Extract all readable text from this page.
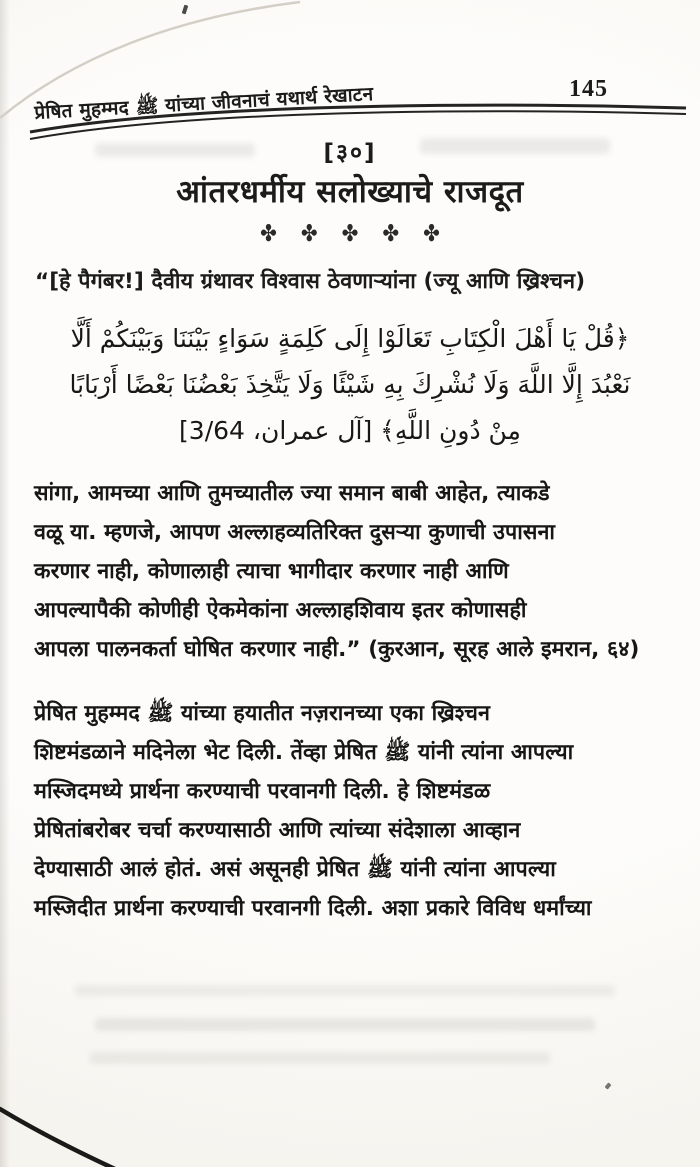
प्रेषित मुहम्मद ﷺ यांच्या जीवनाचं यथार्थ रेखाटन	145
[३०]
आंतरधर्मीय सलोख्याचे राजदूत
✤ ✤ ✤ ✤ ✤
“[हे पैगंबर!] दैवीय ग्रंथावर विश्वास ठेवणाऱ्यांना (ज्यू आणि ख्रिश्चन)
﴿قُلْ يَا أَهْلَ الْكِتَابِ تَعَالَوْا إِلَى كَلِمَةٍ سَوَاءٍ بَيْنَنَا وَبَيْنَكُمْ أَلَّا
نَعْبُدَ إِلَّا اللَّهَ وَلَا نُشْرِكَ بِهِ شَيْئًا وَلَا يَتَّخِذَ بَعْضُنَا بَعْضًا أَرْبَابًا
مِنْ دُونِ اللَّهِ﴾ [آل عمران، 3/64]
सांगा, आमच्या आणि तुमच्यातील ज्या समान बाबी आहेत, त्याकडे
वळू या. म्हणजे, आपण अल्लाहव्यतिरिक्त दुसऱ्या कुणाची उपासना
करणार नाही, कोणालाही त्याचा भागीदार करणार नाही आणि
आपल्यापैकी कोणीही ऐकमेकांना अल्लाहशिवाय इतर कोणासही
आपला पालनकर्ता घोषित करणार नाही.” (कुरआन, सूरह आले इमरान, ६४)
प्रेषित मुहम्मद ﷺ यांच्या हयातीत नज़रानच्या एका ख्रिश्चन
शिष्टमंडळाने मदिनेला भेट दिली. तेंव्हा प्रेषित ﷺ यांनी त्यांना आपल्या
मस्जिदमध्ये प्रार्थना करण्याची परवानगी दिली. हे शिष्टमंडळ
प्रेषितांबरोबर चर्चा करण्यासाठी आणि त्यांच्या संदेशाला आव्हान
देण्यासाठी आलं होतं. असं असूनही प्रेषित ﷺ यांनी त्यांना आपल्या
मस्जिदीत प्रार्थना करण्याची परवानगी दिली. अशा प्रकारे विविध धर्मांच्या
